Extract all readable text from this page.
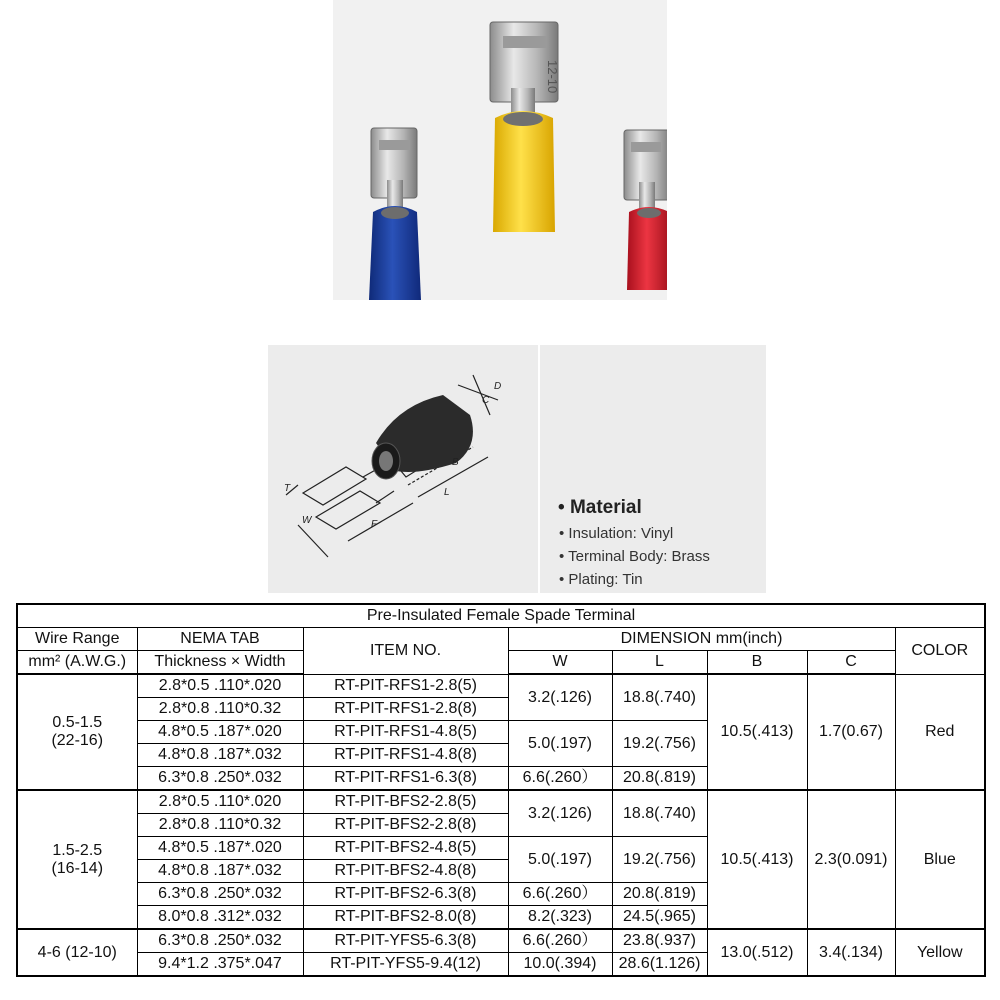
12-10
D
C
B
L
F
W
T
• Material
• Insulation: Vinyl
• Terminal Body: Brass
• Plating: Tin
Pre-Insulated Female Spade Terminal							
Wire Range	NEMA TAB	ITEM NO.	DIMENSION mm(inch)				COLOR
mm² (A.W.G.)	Thickness × Width		W	L	B	C	
0.5-1.5
(22-16)	2.8*0.5 .110*.020	RT-PIT-RFS1-2.8(5)	3.2(.126)	18.8(.740)	10.5(.413)	1.7(0.67)	Red
	2.8*0.8 .110*0.32	RT-PIT-RFS1-2.8(8)					
	4.8*0.5 .187*.020	RT-PIT-RFS1-4.8(5)	5.0(.197)	19.2(.756)			
	4.8*0.8 .187*.032	RT-PIT-RFS1-4.8(8)					
	6.3*0.8 .250*.032	RT-PIT-RFS1-6.3(8)	6.6(.260）	20.8(.819)			
1.5-2.5
(16-14)	2.8*0.5 .110*.020	RT-PIT-BFS2-2.8(5)	3.2(.126)	18.8(.740)	10.5(.413)	2.3(0.091)	Blue
	2.8*0.8 .110*0.32	RT-PIT-BFS2-2.8(8)					
	4.8*0.5 .187*.020	RT-PIT-BFS2-4.8(5)	5.0(.197)	19.2(.756)			
	4.8*0.8 .187*.032	RT-PIT-BFS2-4.8(8)					
	6.3*0.8 .250*.032	RT-PIT-BFS2-6.3(8)	6.6(.260）	20.8(.819)			
	8.0*0.8 .312*.032	RT-PIT-BFS2-8.0(8)	8.2(.323)	24.5(.965)			
4-6 (12-10)	6.3*0.8 .250*.032	RT-PIT-YFS5-6.3(8)	6.6(.260）	23.8(.937)	13.0(.512)	3.4(.134)	Yellow
	9.4*1.2 .375*.047	RT-PIT-YFS5-9.4(12)	10.0(.394)	28.6(1.126)			
